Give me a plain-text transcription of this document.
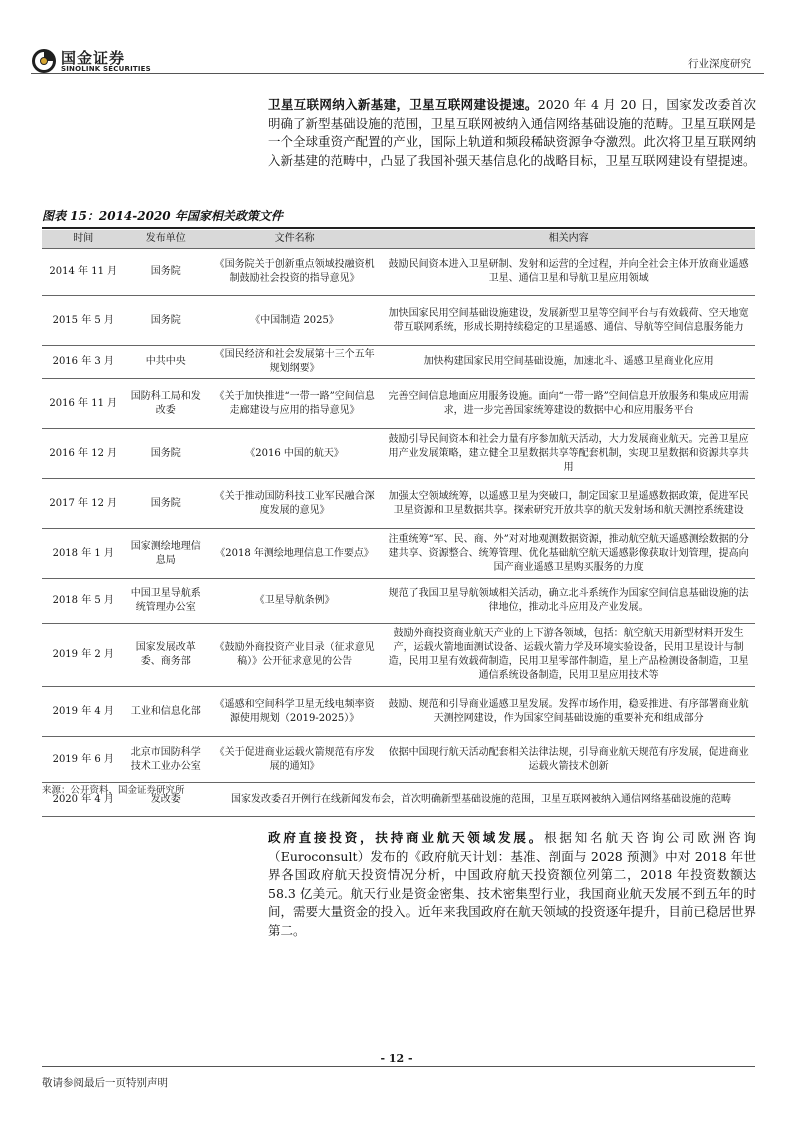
国金证券
SINOLINK SECURITIES	行业深度研究
卫星互联网纳入新基建，卫星互联网建设提速。2020 年 4 月 20 日，国家发改委首次明确了新型基础设施的范围，卫星互联网被纳入通信网络基础设施的范畴。卫星互联网是一个全球重资产配置的产业，国际上轨道和频段稀缺资源争夺激烈。此次将卫星互联网纳入新基建的范畴中，凸显了我国补强天基信息化的战略目标，卫星互联网建设有望提速。
图表 15：2014-2020 年国家相关政策文件
时间	发布单位	文件名称	相关内容
2014 年 11 月	国务院	《国务院关于创新重点领域投融资机制鼓励社会投资的指导意见》	鼓励民间资本进入卫星研制、发射和运营的全过程，并向全社会主体开放商业遥感卫星、通信卫星和导航卫星应用领域
2015 年 5 月	国务院	《中国制造 2025》	加快国家民用空间基础设施建设，发展新型卫星等空间平台与有效载荷、空天地宽带互联网系统，形成长期持续稳定的卫星遥感、通信、导航等空间信息服务能力
2016 年 3 月	中共中央	《国民经济和社会发展第十三个五年规划纲要》	加快构建国家民用空间基础设施，加速北斗、遥感卫星商业化应用
2016 年 11 月	国防科工局和发改委	《关于加快推进“一带一路”空间信息走廊建设与应用的指导意见》	完善空间信息地面应用服务设施。面向“一带一路”空间信息开放服务和集成应用需求，进一步完善国家统筹建设的数据中心和应用服务平台
2016 年 12 月	国务院	《2016 中国的航天》	鼓励引导民间资本和社会力量有序参加航天活动，大力发展商业航天。完善卫星应用产业发展策略，建立健全卫星数据共享等配套机制，实现卫星数据和资源共享共用
2017 年 12 月	国务院	《关于推动国防科技工业军民融合深度发展的意见》	加强太空领域统筹，以遥感卫星为突破口，制定国家卫星遥感数据政策，促进军民卫星资源和卫星数据共享。探索研究开放共享的航天发射场和航天测控系统建设
2018 年 1 月	国家测绘地理信息局	《2018 年测绘地理信息工作要点》	注重统筹“军、民、商、外”对对地观测数据资源，推动航空航天遥感测绘数据的分建共享、资源整合、统筹管理、优化基础航空航天遥感影像获取计划管理，提高向国产商业遥感卫星购买服务的力度
2018 年 5 月	中国卫星导航系统管理办公室	《卫星导航条例》	规范了我国卫星导航领域相关活动，确立北斗系统作为国家空间信息基础设施的法律地位，推动北斗应用及产业发展。
2019 年 2 月	国家发展改革委、商务部	《鼓励外商投资产业目录（征求意见稿）》公开征求意见的公告	鼓励外商投资商业航天产业的上下游各领域，包括：航空航天用新型材料开发生产，运载火箭地面测试设备、运载火箭力学及环境实验设备，民用卫星设计与制造，民用卫星有效载荷制造，民用卫星零部件制造，星上产品检测设备制造，卫星通信系统设备制造，民用卫星应用技术等
2019 年 4 月	工业和信息化部	《遥感和空间科学卫星无线电频率资源使用规划（2019-2025）》	鼓励、规范和引导商业遥感卫星发展。发挥市场作用，稳妥推进、有序部署商业航天测控网建设，作为国家空间基础设施的重要补充和组成部分
2019 年 6 月	北京市国防科学技术工业办公室	《关于促进商业运载火箭规范有序发展的通知》	依据中国现行航天活动配套相关法律法规，引导商业航天规范有序发展，促进商业运载火箭技术创新
2020 年 4 月	发改委	国家发改委召开例行在线新闻发布会，首次明确新型基础设施的范围，卫星互联网被纳入通信网络基础设施的范畴	
来源：公开资料，国金证券研究所
政府直接投资，扶持商业航天领域发展。根据知名航天咨询公司欧洲咨询（Euroconsult）发布的《政府航天计划：基准、剖面与 2028 预测》中对 2018 年世界各国政府航天投资情况分析，中国政府航天投资额位列第二，2018 年投资数额达 58.3 亿美元。航天行业是资金密集、技术密集型行业，我国商业航天发展不到五年的时间，需要大量资金的投入。近年来我国政府在航天领域的投资逐年提升，目前已稳居世界第二。
- 12 -
敬请参阅最后一页特别声明
